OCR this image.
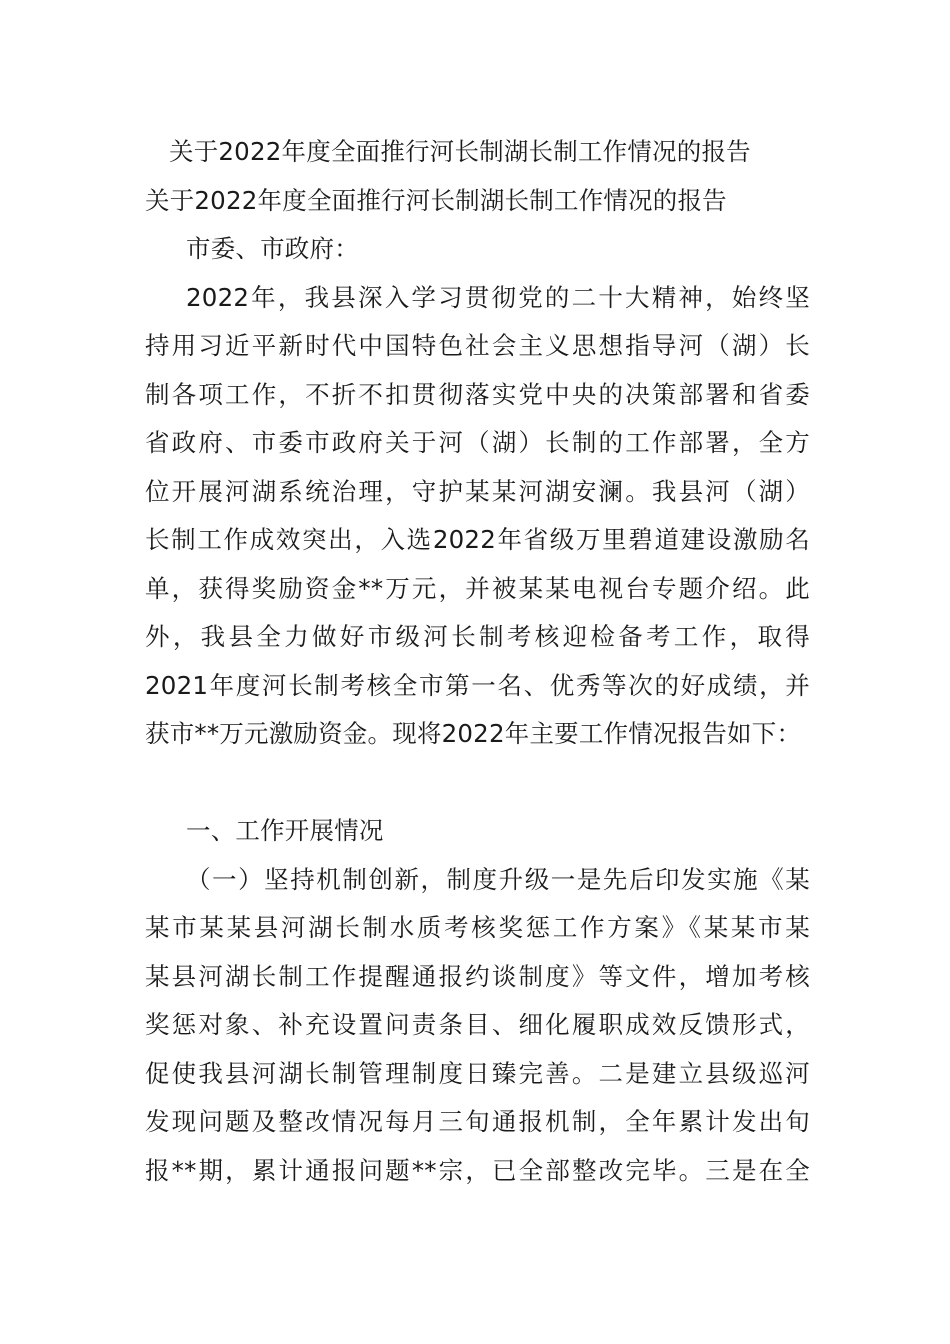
关于2022年度全面推行河长制湖长制工作情况的报告
关于2022年度全面推行河长制湖长制工作情况的报告
市委、市政府：
2022年，我县深入学习贯彻党的二十大精神，始终坚
持用习近平新时代中国特色社会主义思想指导河（湖）长
制各项工作，不折不扣贯彻落实党中央的决策部署和省委
省政府、市委市政府关于河（湖）长制的工作部署，全方
位开展河湖系统治理，守护某某河湖安澜。我县河（湖）
长制工作成效突出，入选2022年省级万里碧道建设激励名
单，获得奖励资金**万元，并被某某电视台专题介绍。此
外，我县全力做好市级河长制考核迎检备考工作，取得
2021年度河长制考核全市第一名、优秀等次的好成绩，并
获市**万元激励资金。现将2022年主要工作情况报告如下：
一、工作开展情况
（一）坚持机制创新，制度升级一是先后印发实施《某
某市某某县河湖长制水质考核奖惩工作方案》《某某市某
某县河湖长制工作提醒通报约谈制度》等文件，增加考核
奖惩对象、补充设置问责条目、细化履职成效反馈形式，
促使我县河湖长制管理制度日臻完善。二是建立县级巡河
发现问题及整改情况每月三旬通报机制，全年累计发出旬
报**期，累计通报问题**宗，已全部整改完毕。三是在全
